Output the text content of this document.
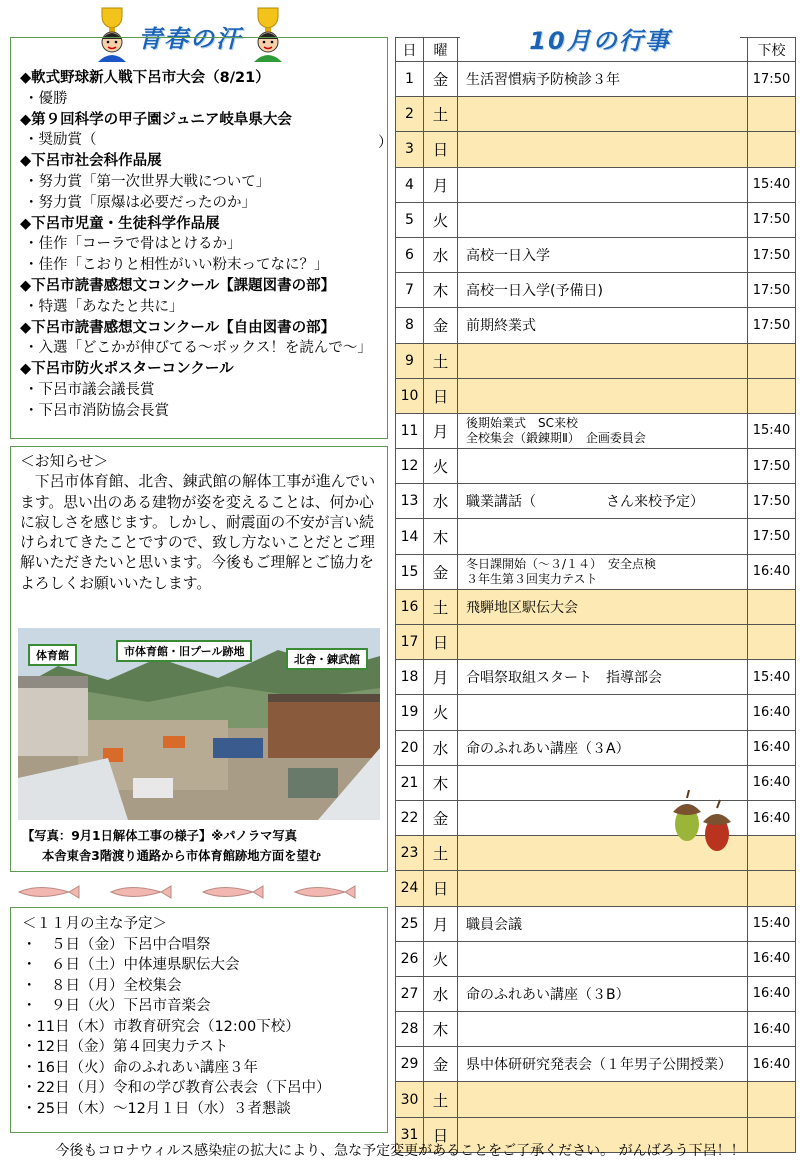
青春の汗
◆軟式野球新人戦下呂市大会（8/21）
・優勝
◆第９回科学の甲子園ジュニア岐阜県大会
・奨励賞（
◆下呂市社会科作品展
・努力賞「第一次世界大戦について」
・努力賞「原爆は必要だったのか」
◆下呂市児童・生徒科学作品展
・佳作「コーラで骨はとけるか」
・佳作「こおりと相性がいい粉末ってなに？」
◆下呂市読書感想文コンクール【課題図書の部】
・特選「あなたと共に」
◆下呂市読書感想文コンクール【自由図書の部】
・入選「どこかが伸びてる～ボックス！を読んで～」
◆下呂市防火ポスターコンクール
・下呂市議会議長賞
・下呂市消防協会長賞
）
＜お知らせ＞
　下呂市体育館、北舎、錬武館の解体工事が進んでいます。思い出のある建物が姿を変えることは、何か心に寂しさを感じます。しかし、耐震面の不安が言い続けられてきたことですので、致し方ないことだとご理解いただきたいと思います。今後もご理解とご協力をよろしくお願いいたします。
体育館	市体育館・旧プール跡地
北舎・錬武館
【写真：9月1日解体工事の様子】※パノラマ写真
本舎東舎3階渡り通路から市体育館跡地方面を望む
＜１１月の主な予定＞
・　５日（金）下呂中合唱祭
・　６日（土）中体連県駅伝大会
・　８日（月）全校集会
・　９日（火）下呂市音楽会
・11日（木）市教育研究会（12:00下校）
・12日（金）第４回実力テスト
・16日（火）命のふれあい講座３年
・22日（月）令和の学び教育公表会（下呂中）
・25日（木）～12月１日（水）３者懇談
10月の行事
日	曜		下校
1	金	生活習慣病予防検診３年	17:50
2	土		
3	日		
4	月		15:40
5	火		17:50
6	水	高校一日入学	17:50
7	木	高校一日入学(予備日)	17:50
8	金	前期終業式	17:50
9	土		
10	日		
11	月	後期始業式　SC来校
全校集会（鍛錬期Ⅱ）　企画委員会	15:40
12	火		17:50
13	水	職業講話（　　　　　さん来校予定）	17:50
14	木		17:50
15	金	冬日課開始（～３/１４）　安全点検
３年生第３回実力テスト	16:40
16	土	飛騨地区駅伝大会	
17	日		
18	月	合唱祭取組スタート　指導部会	15:40
19	火		16:40
20	水	命のふれあい講座（３A）	16:40
21	木		16:40
22	金		16:40
23	土		
24	日		
25	月	職員会議	15:40
26	火		16:40
27	水	命のふれあい講座（３B）	16:40
28	木		16:40
29	金	県中体研研究発表会（１年男子公開授業）	16:40
30	土		
31	日		
今後もコロナウィルス感染症の拡大により、急な予定変更があることをご了承ください。 がんばろう下呂！！
